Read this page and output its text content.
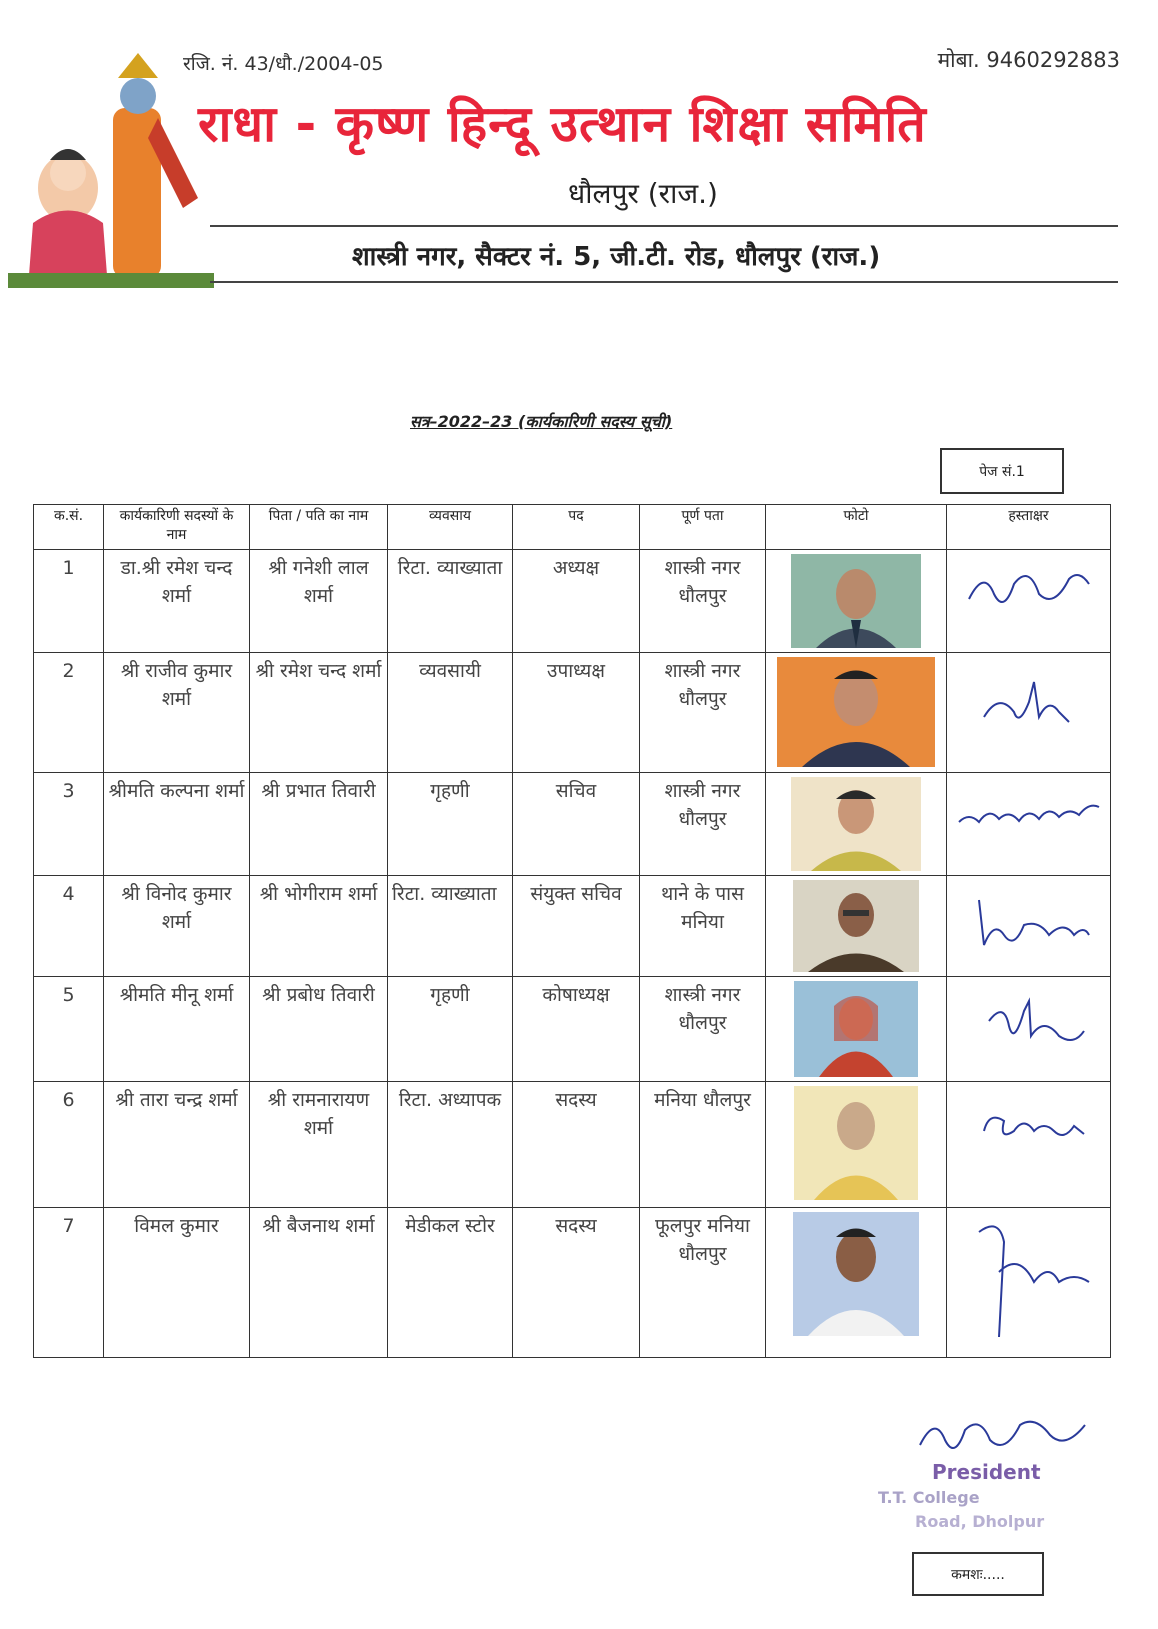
रजि. नं. 43/धौ./2004-05	मोबा. 9460292883
राधा - कृष्ण हिन्दू उत्थान शिक्षा समिति
धौलपुर (राज.)
शास्त्री नगर, सैक्टर नं. 5, जी.टी. रोड, धौलपुर (राज.)
सत्र–2022–23 (कार्यकारिणी सदस्य सूची)
पेज सं.1
क.सं.	कार्यकारिणी सदस्यों के नाम	पिता / पति का नाम	व्यवसाय	पद	पूर्ण पता	फोटो	हस्ताक्षर
1	डा.श्री रमेश चन्द शर्मा	श्री गनेशी लाल शर्मा	रिटा. व्याख्याता	अध्यक्ष	शास्त्री नगर धौलपुर	

2	श्री राजीव कुमार शर्मा	श्री रमेश चन्द शर्मा	व्यवसायी	उपाध्यक्ष	शास्त्री नगर धौलपुर	

3	श्रीमति कल्पना शर्मा	श्री प्रभात तिवारी	गृहणी	सचिव	शास्त्री नगर धौलपुर	

4	श्री विनोद कुमार शर्मा	श्री भोगीराम शर्मा	रिटा. व्याख्याता	संयुक्त सचिव	थाने के पास मनिया	

5	श्रीमति मीनू शर्मा	श्री प्रबोध तिवारी	गृहणी	कोषाध्यक्ष	शास्त्री नगर धौलपुर	

6	श्री तारा चन्द्र शर्मा	श्री रामनारायण शर्मा	रिटा. अध्यापक	सदस्य	मनिया धौलपुर	

7	विमल कुमार	श्री बैजनाथ शर्मा	मेडीकल स्टोर	सदस्य	फूलपुर मनिया धौलपुर	

President
T.T. College
Road, Dholpur
कमशः.....
